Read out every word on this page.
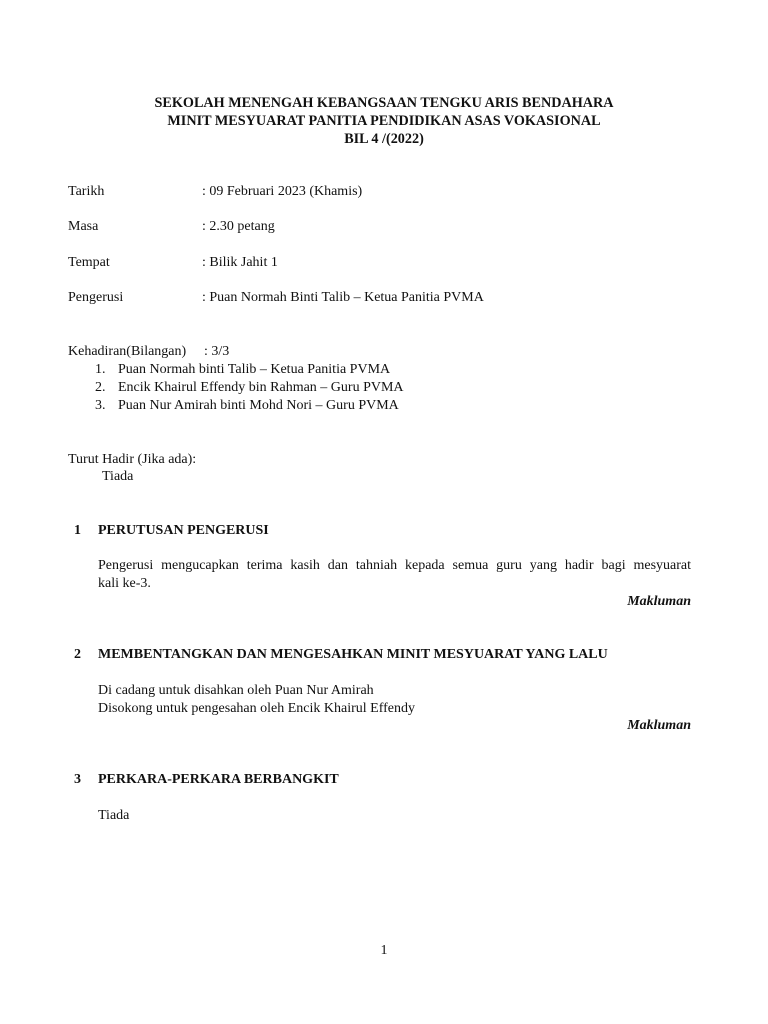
SEKOLAH MENENGAH KEBANGSAAN TENGKU ARIS BENDAHARA
MINIT MESYUARAT PANITIA PENDIDIKAN ASAS VOKASIONAL
BIL 4 /(2022)
Tarikh	: 09 Februari 2023 (Khamis)
Masa	: 2.30 petang
Tempat	: Bilik Jahit 1
Pengerusi	: Puan Normah Binti Talib – Ketua Panitia PVMA
Kehadiran(Bilangan) : 3/3
1. Puan Normah binti Talib – Ketua Panitia PVMA
2. Encik Khairul Effendy bin Rahman – Guru PVMA
3. Puan Nur Amirah binti Mohd Nori – Guru PVMA
Turut Hadir (Jika ada):
Tiada
1 PERUTUSAN PENGERUSI
Pengerusi mengucapkan terima kasih dan tahniah kepada semua guru yang hadir bagi mesyuarat
kali ke-3.
Makluman
2 MEMBENTANGKAN DAN MENGESAHKAN MINIT MESYUARAT YANG LALU
Di cadang untuk disahkan oleh Puan Nur Amirah
Disokong untuk pengesahan oleh Encik Khairul Effendy
Makluman
3 PERKARA-PERKARA BERBANGKIT
Tiada
1
